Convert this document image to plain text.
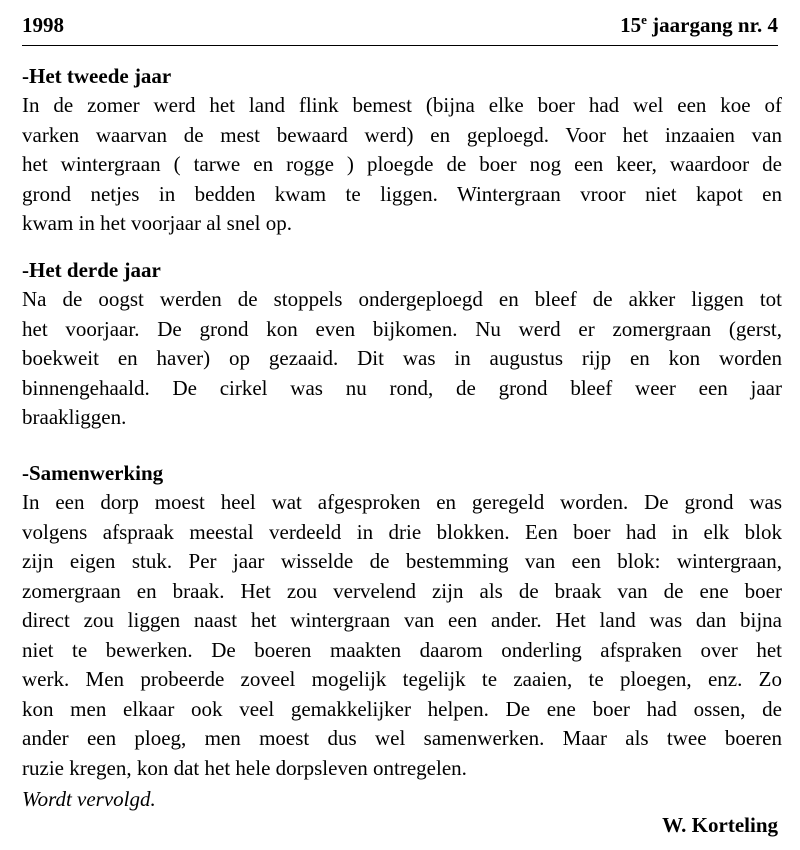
1998	15e jaargang nr. 4
-Het tweede jaar

In de zomer werd het land flink bemest (bijna elke boer had wel een koe of
varken waarvan de mest bewaard werd) en geploegd. Voor het inzaaien van
het wintergraan ( tarwe en rogge ) ploegde de boer nog een keer, waardoor de
grond netjes in bedden kwam te liggen. Wintergraan vroor niet kapot en
kwam in het voorjaar al snel op.

-Het derde jaar

Na de oogst werden de stoppels ondergeploegd en bleef de akker liggen tot
het voorjaar. De grond kon even bijkomen. Nu werd er zomergraan (gerst,
boekweit en haver) op gezaaid. Dit was in augustus rijp en kon worden
binnengehaald. De cirkel was nu rond, de grond bleef weer een jaar
braakliggen.

-Samenwerking

In een dorp moest heel wat afgesproken en geregeld worden. De grond was
volgens afspraak meestal verdeeld in drie blokken. Een boer had in elk blok
zijn eigen stuk. Per jaar wisselde de bestemming van een blok: wintergraan,
zomergraan en braak. Het zou vervelend zijn als de braak van de ene boer
direct zou liggen naast het wintergraan van een ander. Het land was dan bijna
niet te bewerken. De boeren maakten daarom onderling afspraken over het
werk. Men probeerde zoveel mogelijk tegelijk te zaaien, te ploegen, enz. Zo
kon men elkaar ook veel gemakkelijker helpen. De ene boer had ossen, de
ander een ploeg, men moest dus wel samenwerken. Maar als twee boeren
ruzie kregen, kon dat het hele dorpsleven ontregelen.

Wordt vervolgd.
W. Korteling
